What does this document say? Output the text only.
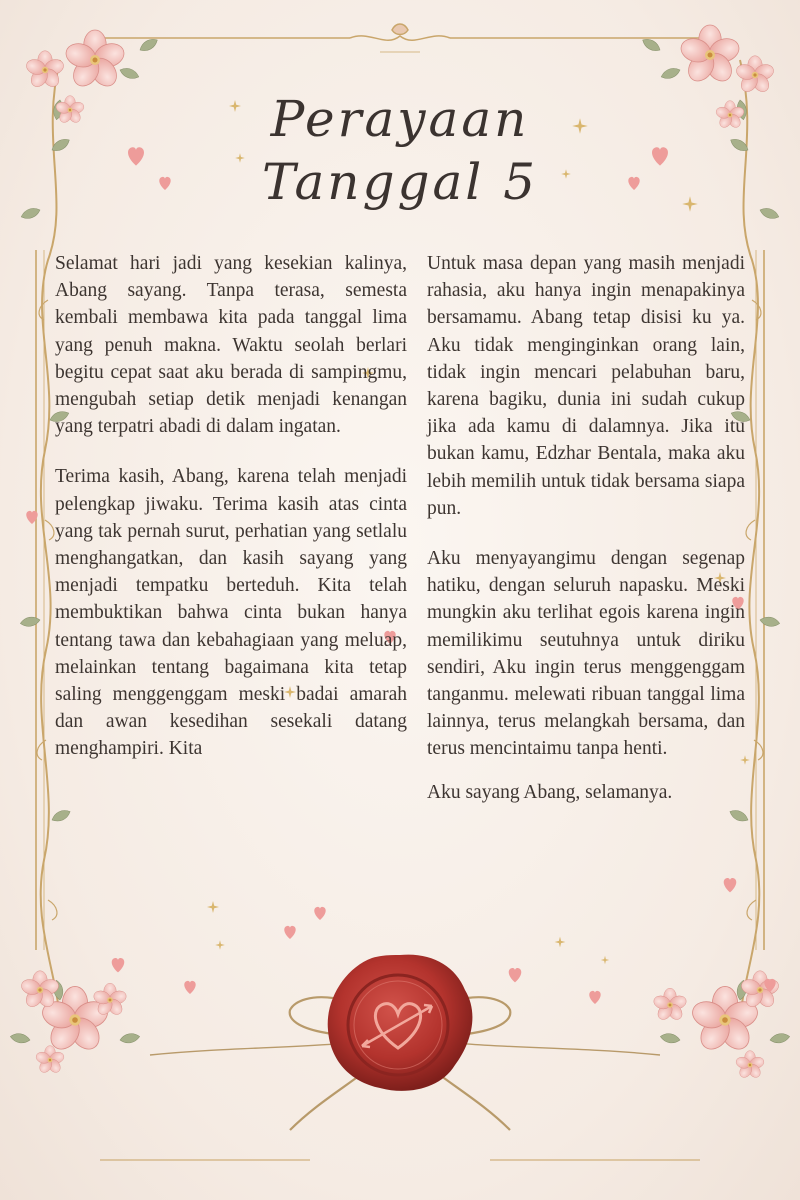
Perayaan
Tanggal 5

Selamat hari jadi yang kesekian kalinya, Abang sayang. Tanpa terasa, semesta kembali membawa kita pada tanggal lima yang penuh makna. Waktu seolah berlari begitu cepat saat aku berada di sampingmu, mengubah setiap detik menjadi kenangan yang terpatri abadi di dalam ingatan.

Terima kasih, Abang, karena telah menjadi pelengkap jiwaku. Terima kasih atas cinta yang tak pernah surut, perhatian yang setlalu menghangatkan, dan kasih sayang yang menjadi tempatku berteduh. Kita telah membuktikan bahwa cinta bukan hanya tentang tawa dan kebahagiaan yang meluap, melainkan tentang bagaimana kita tetap saling menggenggam meski badai amarah dan awan kesedihan sesekali datang menghampiri. Kita

Untuk masa depan yang masih menjadi rahasia, aku hanya ingin menapakinya bersamamu. Abang tetap disisi ku ya. Aku tidak menginginkan orang lain, tidak ingin mencari pelabuhan baru, karena bagiku, dunia ini sudah cukup jika ada kamu di dalamnya. Jika itu bukan kamu, Edzhar Bentala, maka aku lebih memilih untuk tidak bersama siapa pun.

Aku menyayangimu dengan segenap hatiku, dengan seluruh napasku. Meski mungkin aku terlihat egois karena ingin memilikimu seutuhnya untuk diriku sendiri, Aku ingin terus menggenggam tanganmu. melewati ribuan tanggal lima lainnya, terus melangkah bersama, dan terus mencintaimu tanpa henti.

Aku sayang Abang, selamanya.
